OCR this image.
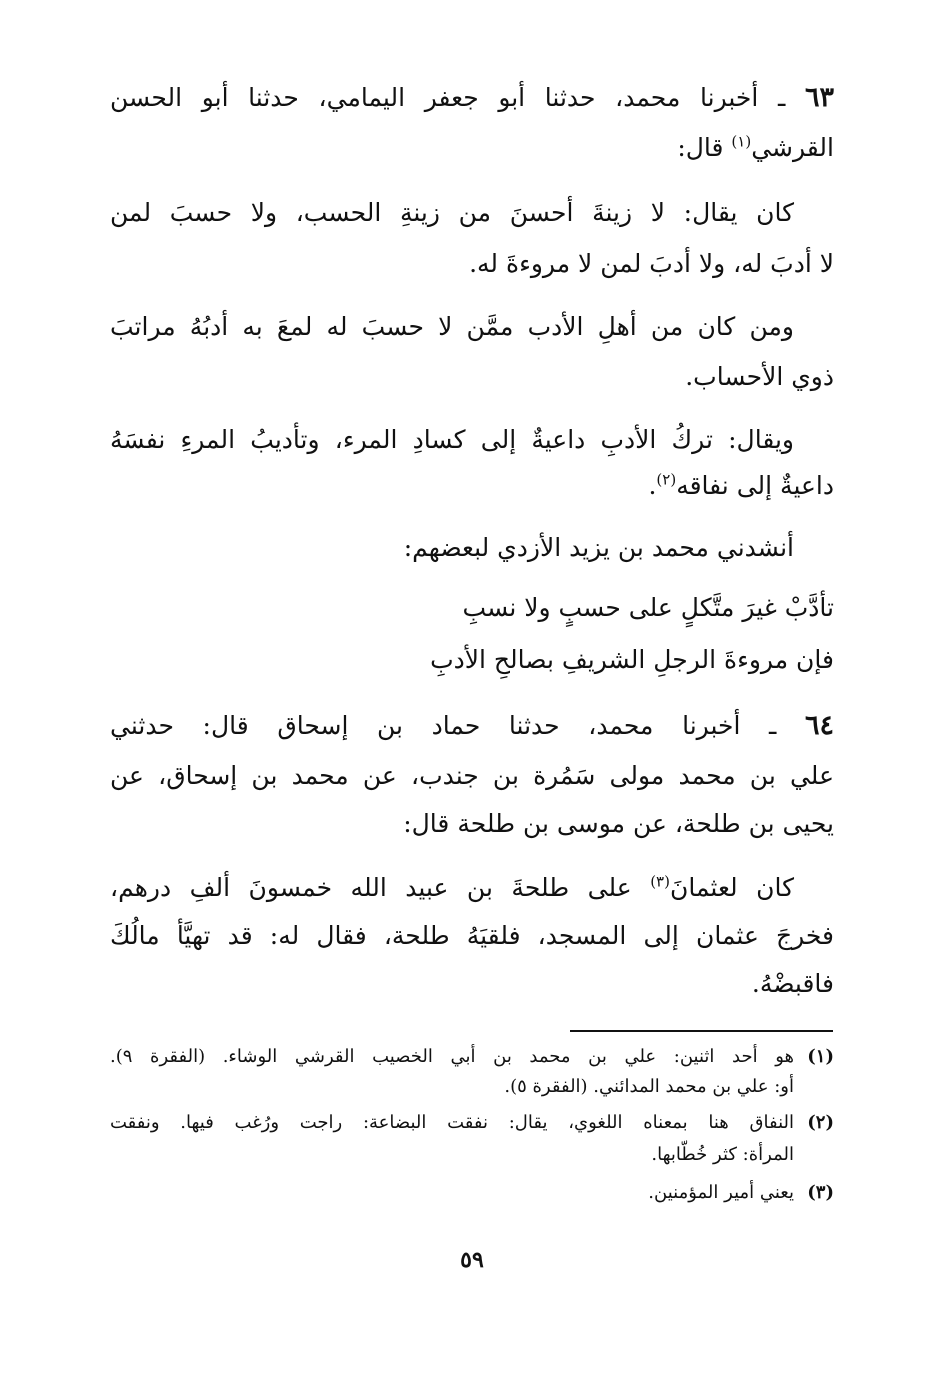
٦٣ ـ أخبرنا محمد، حدثنا أبو جعفر اليمامي، حدثنا أبو الحسن
القرشي$^{(١)}$ قال:
كان يقال: لا زينةَ أحسنَ من زينةِ الحسب، ولا حسبَ لمن
لا أدبَ له، ولا أدبَ لمن لا مروءةَ له.
ومن كان من أهلِ الأدب ممَّن لا حسبَ له لمعَ به أدبُهُ مراتبَ
ذوي الأحساب.
ويقال: تركُ الأدبِ داعيةٌ إلى كسادِ المرء، وتأديبُ المرءِ نفسَهُ
داعيةٌ إلى نفاقه$^{(٢)}$.
أنشدني محمد بن يزيد الأزدي لبعضهم:
تأدَّبْ غيرَ متَّكلٍ على حسبٍ ولا نسبِ
فإن مروءةَ الرجلِ الشريفِ بصالحِ الأدبِ
٦٤ ـ أخبرنا محمد، حدثنا حماد بن إسحاق قال: حدثني
علي بن محمد مولى سَمُرة بن جندب، عن محمد بن إسحاق، عن
يحيى بن طلحة، عن موسى بن طلحة قال:
كان لعثمانَ$^{(٣)}$ على طلحةَ بن عبيد الله خمسونَ ألفِ درهم،
فخرجَ عثمان إلى المسجد، فلقيَهُ طلحة، فقال له: قد تهيَّأ مالُكَ
فاقبضْهُ.
(١)هو أحد اثنين: علي بن محمد بن أبي الخصيب القرشي الوشاء. (الفقرة ٩).
أو: علي بن محمد المدائني. (الفقرة ٥).
(٢)النفاق هنا بمعناه اللغوي، يقال: نفقت البضاعة: راجت ورُغب فيها. ونفقت
المرأة: كثر خُطّابها.
(٣)يعني أمير المؤمنين.
٥٩
